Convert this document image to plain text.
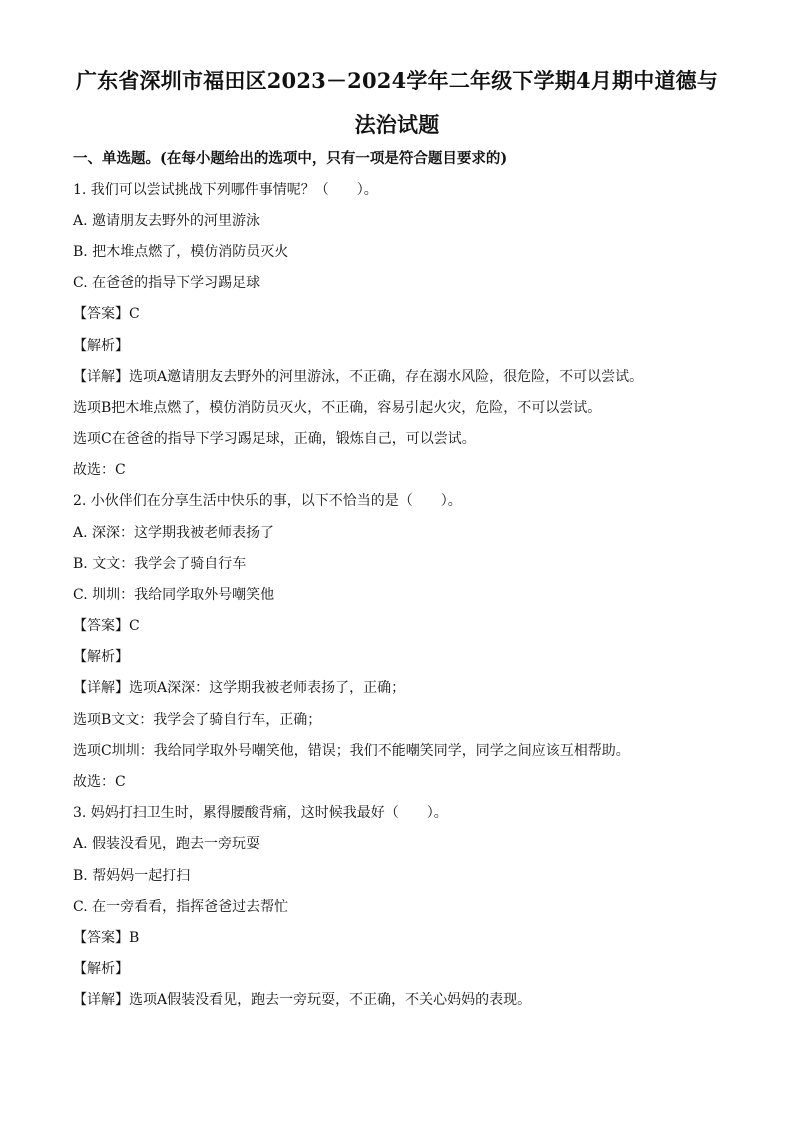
广东省深圳市福田区2023－2024学年二年级下学期4月期中道德与
法治试题
一、单选题。(在每小题给出的选项中，只有一项是符合题目要求的)
1. 我们可以尝试挑战下列哪件事情呢？（　　）。
A. 邀请朋友去野外的河里游泳
B. 把木堆点燃了，模仿消防员灭火
C. 在爸爸的指导下学习踢足球
【答案】C
【解析】
【详解】选项A邀请朋友去野外的河里游泳，不正确，存在溺水风险，很危险，不可以尝试。
选项B把木堆点燃了，模仿消防员灭火，不正确，容易引起火灾，危险，不可以尝试。
选项C在爸爸的指导下学习踢足球，正确，锻炼自己，可以尝试。
故选：C
2. 小伙伴们在分享生活中快乐的事，以下不恰当的是（　　）。
A. 深深：这学期我被老师表扬了
B. 文文：我学会了骑自行车
C. 圳圳：我给同学取外号嘲笑他
【答案】C
【解析】
【详解】选项A深深：这学期我被老师表扬了，正确；
选项B文文：我学会了骑自行车，正确；
选项C圳圳：我给同学取外号嘲笑他，错误；我们不能嘲笑同学，同学之间应该互相帮助。
故选：C
3. 妈妈打扫卫生时，累得腰酸背痛，这时候我最好（　　）。
A. 假装没看见，跑去一旁玩耍
B. 帮妈妈一起打扫
C. 在一旁看看，指挥爸爸过去帮忙
【答案】B
【解析】
【详解】选项A假装没看见，跑去一旁玩耍，不正确，不关心妈妈的表现。
